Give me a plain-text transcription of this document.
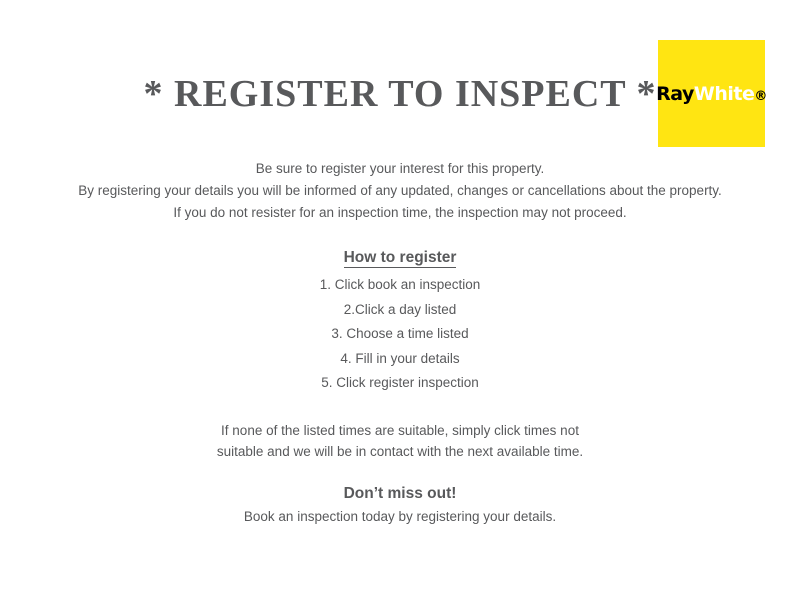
RayWhite®
* REGISTER TO INSPECT *
Be sure to register your interest for this property.
By registering your details you will be informed of any updated, changes or cancellations about the property.
If you do not resister for an inspection time, the inspection may not proceed.
How to register
1. Click book an inspection
2.Click a day listed
3. Choose a time listed
4. Fill in your details
5. Click register inspection
If none of the listed times are suitable, simply click times not
suitable and we will be in contact with the next available time.
Don’t miss out!
Book an inspection today by registering your details.
